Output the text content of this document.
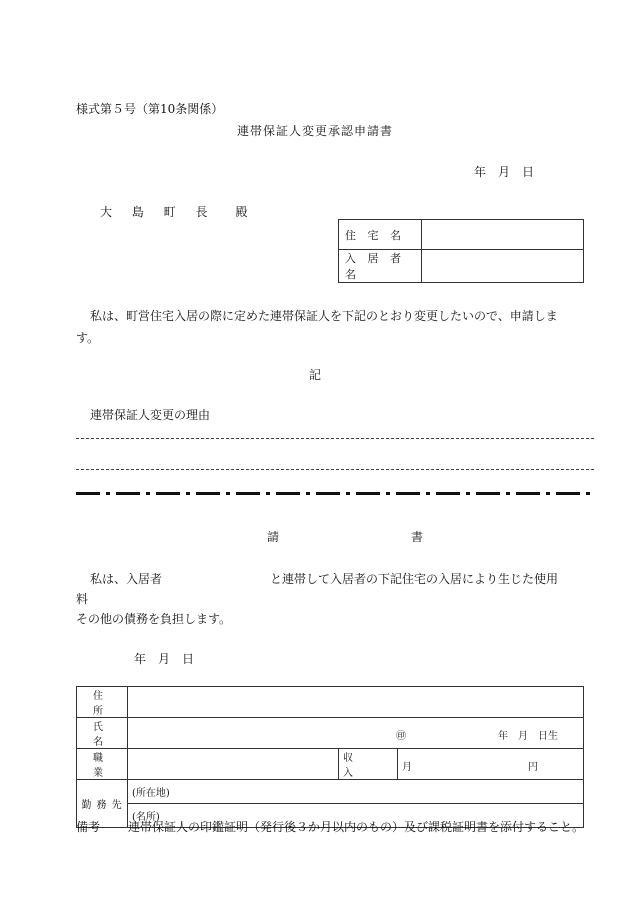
様式第５号（第10条関係）
連帯保証人変更承認申請書
年　月　日
大 島 町 長　殿
住 宅 名	
入 居 者 名	
私は、町営住宅入居の際に定めた連帯保証人を下記のとおり変更したいので、申請します。
記
連帯保証人変更の理由
請　書
私は、入居者	と連帯して入居者の下記住宅の入居により生じた使用
料
その他の債務を負担します。
年　月　日
住　所			
氏　名	㊞ 年　月　日生		

職　業		収　入	月 円

勤 務 先	(所在地)		
	(名所)		
備考 連帯保証人の印鑑証明（発行後３か月以内のもの）及び課税証明書を添付すること。
